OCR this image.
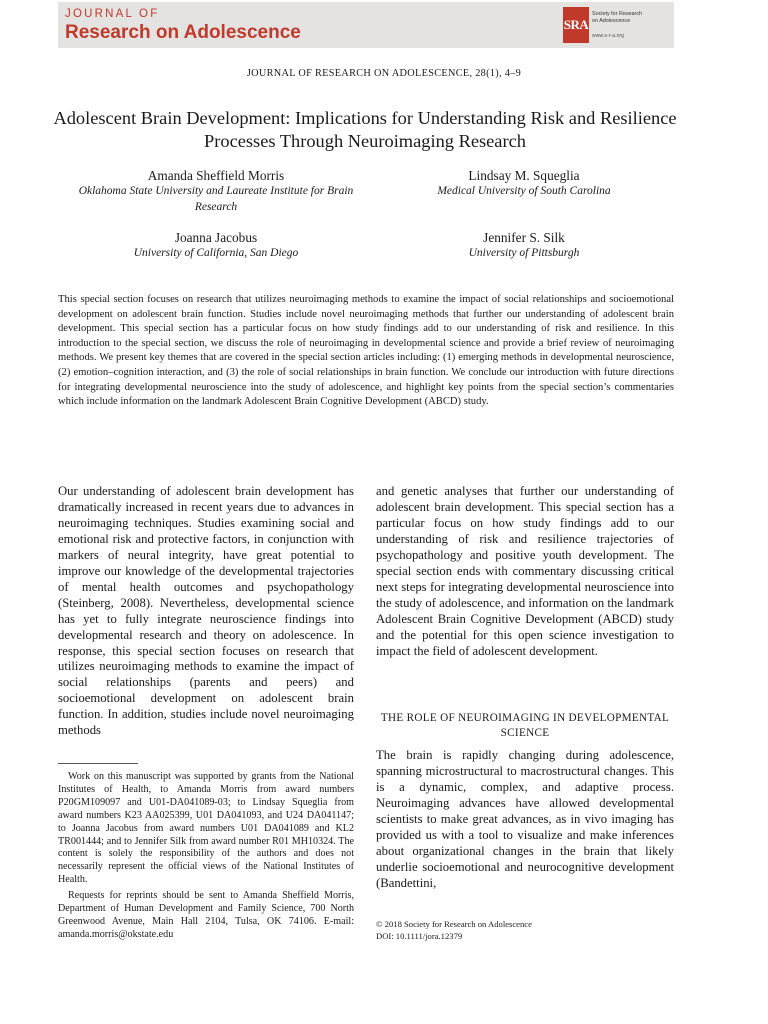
JOURNAL OF
Research on Adolescence	SRA
Society for Research
on Adolescence
www.s-r-a.org
JOURNAL OF RESEARCH ON ADOLESCENCE, 28(1), 4–9
Adolescent Brain Development: Implications for Understanding Risk and Resilience Processes Through Neuroimaging Research
Amanda Sheffield Morris
Oklahoma State University and Laureate Institute for Brain Research
Lindsay M. Squeglia
Medical University of South Carolina
Joanna Jacobus
University of California, San Diego
Jennifer S. Silk
University of Pittsburgh
This special section focuses on research that utilizes neuroimaging methods to examine the impact of social relationships and socioemotional development on adolescent brain function. Studies include novel neuroimaging methods that further our understanding of adolescent brain development. This special section has a particular focus on how study findings add to our understanding of risk and resilience. In this introduction to the special section, we discuss the role of neuroimaging in developmental science and provide a brief review of neuroimaging methods. We present key themes that are covered in the special section articles including: (1) emerging methods in developmental neuroscience, (2) emotion–cognition interaction, and (3) the role of social relationships in brain function. We conclude our introduction with future directions for integrating developmental neuroscience into the study of adolescence, and highlight key points from the special section’s commentaries which include information on the landmark Adolescent Brain Cognitive Development (ABCD) study.
Our understanding of adolescent brain development has dramatically increased in recent years due to advances in neuroimaging techniques. Studies examining social and emotional risk and protective factors, in conjunction with markers of neural integrity, have great potential to improve our knowledge of the developmental trajectories of mental health outcomes and psychopathology (Steinberg, 2008). Nevertheless, developmental science has yet to fully integrate neuroscience findings into developmental research and theory on adolescence. In response, this special section focuses on research that utilizes neuroimaging methods to examine the impact of social relationships (parents and peers) and socioemotional development on adolescent brain function. In addition, studies include novel neuroimaging methods
and genetic analyses that further our understanding of adolescent brain development. This special section has a particular focus on how study findings add to our understanding of risk and resilience trajectories of psychopathology and positive youth development. The special section ends with commentary discussing critical next steps for integrating developmental neuroscience into the study of adolescence, and information on the landmark Adolescent Brain Cognitive Development (ABCD) study and the potential for this open science investigation to impact the field of adolescent development.
THE ROLE OF NEUROIMAGING IN DEVELOPMENTAL SCIENCE
The brain is rapidly changing during adolescence, spanning microstructural to macrostructural changes. This is a dynamic, complex, and adaptive process. Neuroimaging advances have allowed developmental scientists to make great advances, as in vivo imaging has provided us with a tool to visualize and make inferences about organizational changes in the brain that likely underlie socioemotional and neurocognitive development (Bandettini,

Work on this manuscript was supported by grants from the National Institutes of Health, to Amanda Morris from award numbers P20GM109097 and U01-DA041089-03; to Lindsay Squeglia from award numbers K23 AA025399, U01 DA041093, and U24 DA041147; to Joanna Jacobus from award numbers U01 DA041089 and KL2 TR001444; and to Jennifer Silk from award number R01 MH10324. The content is solely the responsibility of the authors and does not necessarily represent the official views of the National Institutes of Health.

Requests for reprints should be sent to Amanda Sheffield Morris, Department of Human Development and Family Science, 700 North Greenwood Avenue, Main Hall 2104, Tulsa, OK 74106. E-mail: amanda.morris@okstate.edu

© 2018 Society for Research on Adolescence
DOI: 10.1111/jora.12379
